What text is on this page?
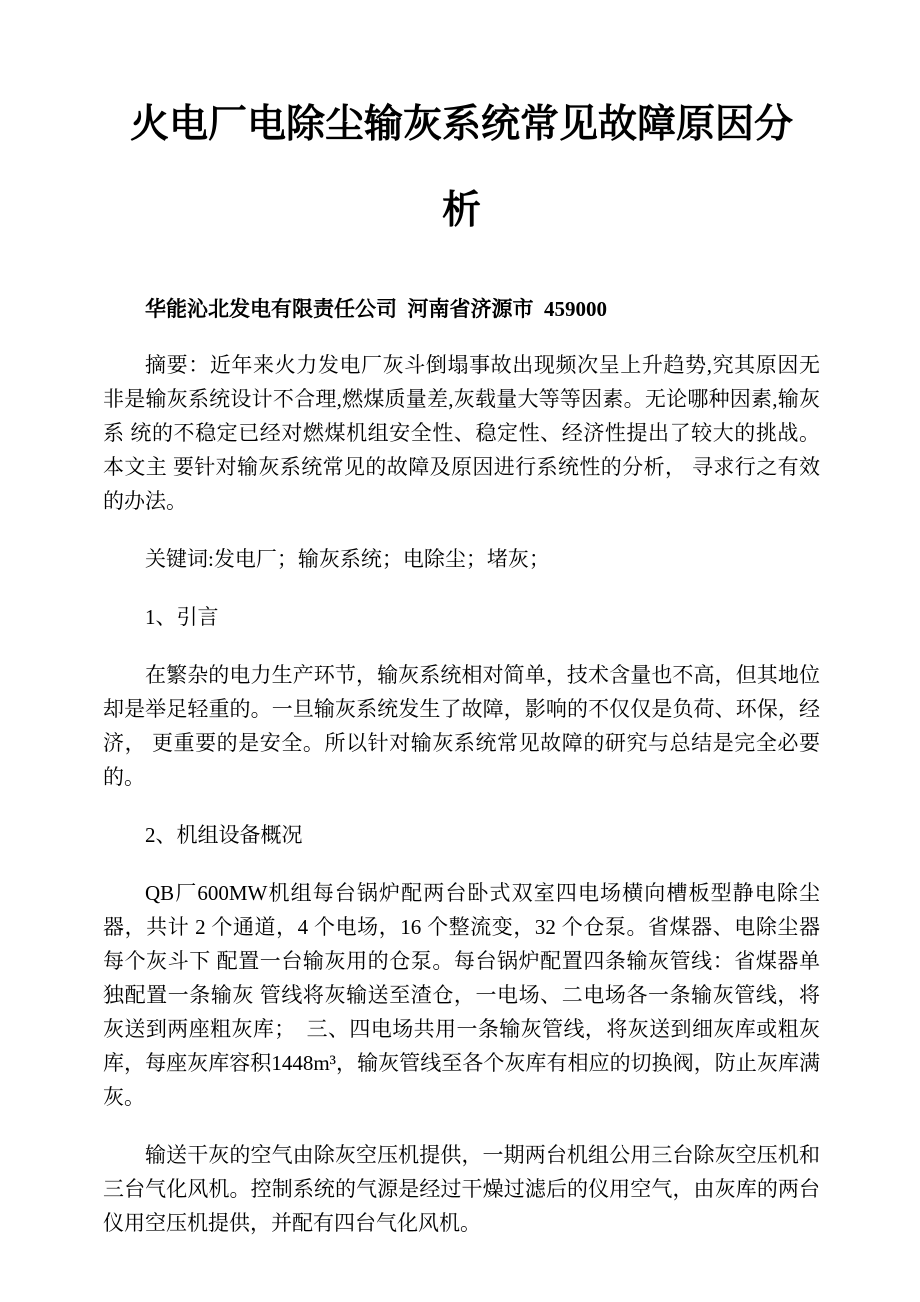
火电厂电除尘输灰系统常见故障原因分析

华能沁北发电有限责任公司  河南省济源市  459000

摘要：近年来火力发电厂灰斗倒塌事故出现频次呈上升趋势,究其原因无非是输灰系统设计不合理,燃煤质量差,灰载量大等等因素。无论哪种因素,输灰系 统的不稳定已经对燃煤机组安全性、稳定性、经济性提出了较大的挑战。本文主 要针对输灰系统常见的故障及原因进行系统性的分析， 寻求行之有效的办法。

关键词:发电厂；输灰系统；电除尘；堵灰；

1、引言

在繁杂的电力生产环节，输灰系统相对简单，技术含量也不高，但其地位却是举足轻重的。一旦输灰系统发生了故障，影响的不仅仅是负荷、环保，经济， 更重要的是安全。所以针对输灰系统常见故障的研究与总结是完全必要的。

2、机组设备概况

QB厂600MW机组每台锅炉配两台卧式双室四电场横向槽板型静电除尘器，共计 2 个通道，4 个电场，16 个整流变，32 个仓泵。省煤器、电除尘器每个灰斗下 配置一台输灰用的仓泵。每台锅炉配置四条输灰管线：省煤器单独配置一条输灰 管线将灰输送至渣仓，一电场、二电场各一条输灰管线，将灰送到两座粗灰库；  三、四电场共用一条输灰管线，将灰送到细灰库或粗灰库，每座灰库容积1448m³，输灰管线至各个灰库有相应的切换阀，防止灰库满灰。

输送干灰的空气由除灰空压机提供，一期两台机组公用三台除灰空压机和三台气化风机。控制系统的气源是经过干燥过滤后的仪用空气，由灰库的两台仪用空压机提供，并配有四台气化风机。
